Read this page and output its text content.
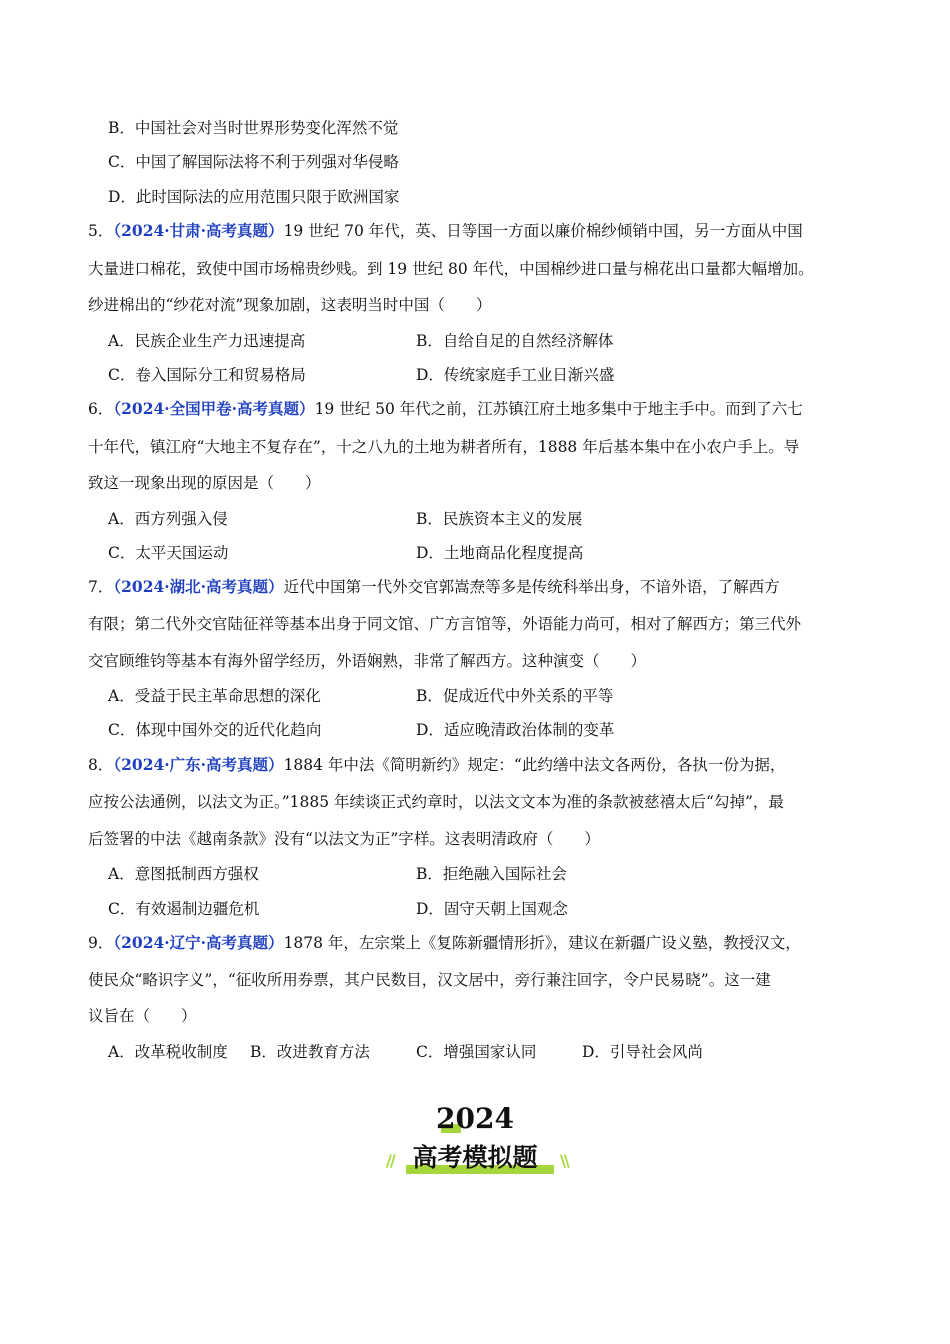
B．中国社会对当时世界形势变化浑然不觉
C．中国了解国际法将不利于列强对华侵略
D．此时国际法的应用范围只限于欧洲国家
5．（2024·甘肃·高考真题）19 世纪 70 年代，英、日等国一方面以廉价棉纱倾销中国，另一方面从中国
大量进口棉花，致使中国市场棉贵纱贱。到 19 世纪 80 年代，中国棉纱进口量与棉花出口量都大幅增加。
纱进棉出的“纱花对流”现象加剧，这表明当时中国（　　）
A．民族企业生产力迅速提高	B．自给自足的自然经济解体
C．卷入国际分工和贸易格局	D．传统家庭手工业日渐兴盛
6．（2024·全国甲卷·高考真题）19 世纪 50 年代之前，江苏镇江府土地多集中于地主手中。而到了六七
十年代，镇江府“大地主不复存在”，十之八九的土地为耕者所有，1888 年后基本集中在小农户手上。导
致这一现象出现的原因是（　　）
A．西方列强入侵	B．民族资本主义的发展
C．太平天国运动	D．土地商品化程度提高
7．（2024·湖北·高考真题）近代中国第一代外交官郭嵩焘等多是传统科举出身，不谙外语，了解西方
有限；第二代外交官陆征祥等基本出身于同文馆、广方言馆等，外语能力尚可，相对了解西方；第三代外
交官顾维钧等基本有海外留学经历，外语娴熟，非常了解西方。这种演变（　　）
A．受益于民主革命思想的深化	B．促成近代中外关系的平等
C．体现中国外交的近代化趋向	D．适应晚清政治体制的变革
8．（2024·广东·高考真题）1884 年中法《简明新约》规定：“此约缮中法文各两份，各执一份为据，
应按公法通例，以法文为正。”1885 年续谈正式约章时，以法文文本为准的条款被慈禧太后“勾掉”，最
后签署的中法《越南条款》没有“以法文为正”字样。这表明清政府（　　）
A．意图抵制西方强权	B．拒绝融入国际社会
C．有效遏制边疆危机	D．固守天朝上国观念
9．（2024·辽宁·高考真题）1878 年，左宗棠上《复陈新疆情形折》，建议在新疆广设义塾，教授汉文，
使民众“略识字义”，“征收所用券票，其户民数目，汉文居中，旁行兼注回字，令户民易晓”。这一建
议旨在（　　）
A．改革税收制度 B．改进教育方法	C．增强国家认同	D．引导社会风尚
2024
// 高考模拟题	\\
